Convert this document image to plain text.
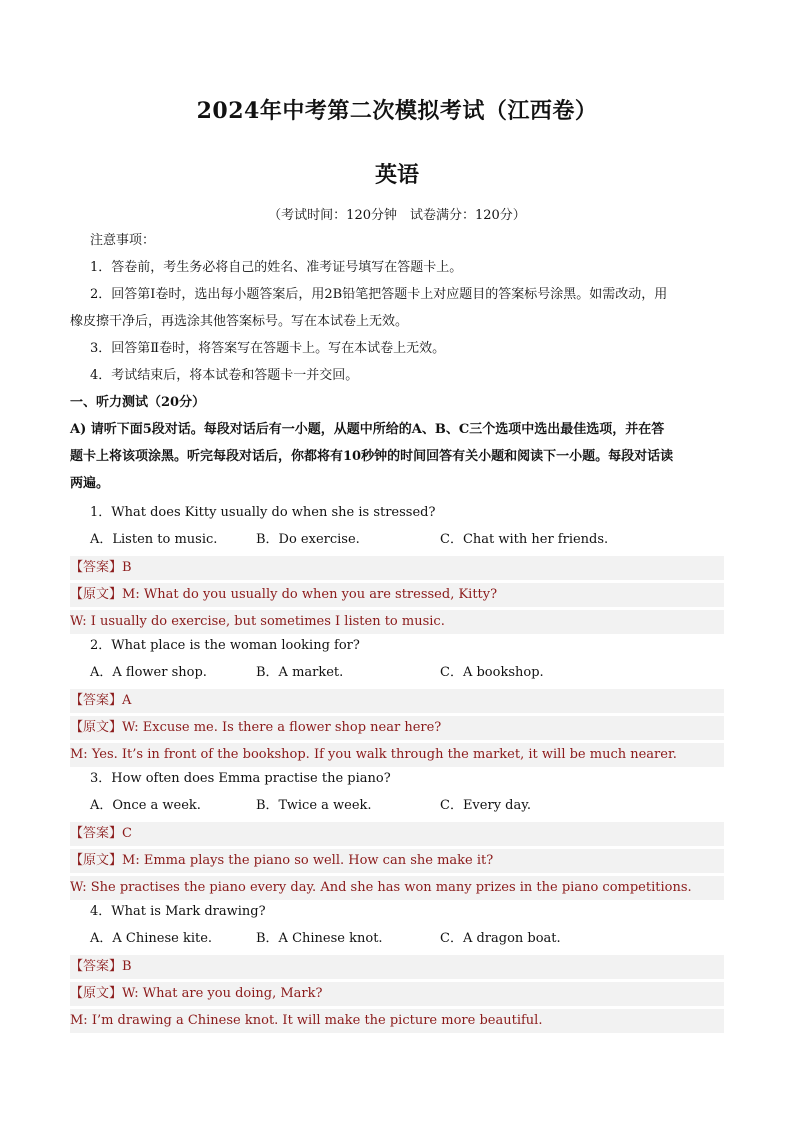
2024年中考第二次模拟考试（江西卷）
英语
（考试时间：120分钟　试卷满分：120分）
注意事项：
1．答卷前，考生务必将自己的姓名、准考证号填写在答题卡上。
2．回答第Ⅰ卷时，选出每小题答案后，用2B铅笔把答题卡上对应题目的答案标号涂黑。如需改动，用
橡皮擦干净后，再选涂其他答案标号。写在本试卷上无效。
3．回答第Ⅱ卷时，将答案写在答题卡上。写在本试卷上无效。
4．考试结束后，将本试卷和答题卡一并交回。
一、听力测试（20分）
A) 请听下面5段对话。每段对话后有一小题，从题中所给的A、B、C三个选项中选出最佳选项，并在答
题卡上将该项涂黑。听完每段对话后，你都将有10秒钟的时间回答有关小题和阅读下一小题。每段对话读
两遍。
1．What does Kitty usually do when she is stressed?
A．Listen to music.	B．Do exercise.	C．Chat with her friends.
【答案】B
【原文】M: What do you usually do when you are stressed, Kitty?
W: I usually do exercise, but sometimes I listen to music.
2．What place is the woman looking for?
A．A flower shop.	B．A market.	C．A bookshop.
【答案】A
【原文】W: Excuse me. Is there a flower shop near here?
M: Yes. It’s in front of the bookshop. If you walk through the market, it will be much nearer.
3．How often does Emma practise the piano?
A．Once a week.	B．Twice a week.	C．Every day.
【答案】C
【原文】M: Emma plays the piano so well. How can she make it?
W: She practises the piano every day. And she has won many prizes in the piano competitions.
4．What is Mark drawing?
A．A Chinese kite.	B．A Chinese knot.	C．A dragon boat.
【答案】B
【原文】W: What are you doing, Mark?
M: I’m drawing a Chinese knot. It will make the picture more beautiful.
